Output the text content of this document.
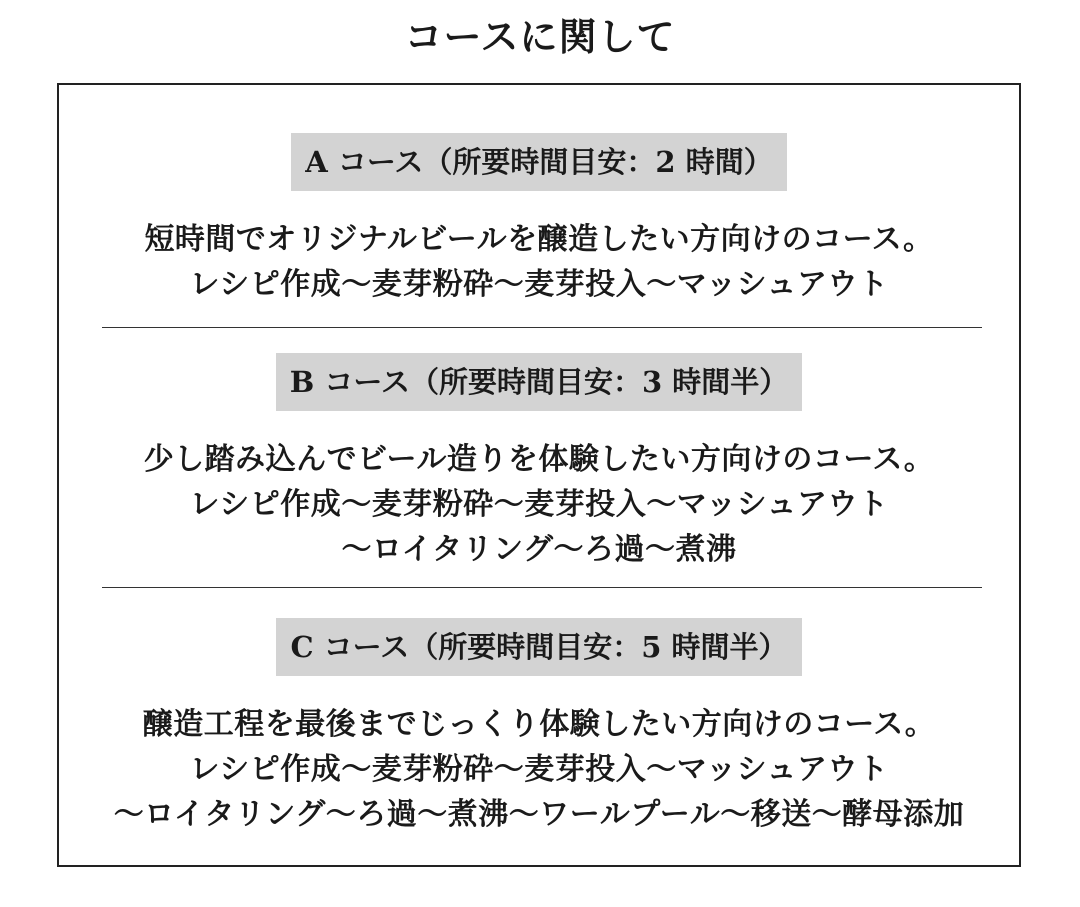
コースに関して
A コース（所要時間目安：2 時間）
短時間でオリジナルビールを醸造したい方向けのコース。
レシピ作成～麦芽粉砕～麦芽投入～マッシュアウト
B コース（所要時間目安：3 時間半）
少し踏み込んでビール造りを体験したい方向けのコース。
レシピ作成～麦芽粉砕～麦芽投入～マッシュアウト
～ロイタリング～ろ過～煮沸
C コース（所要時間目安：5 時間半）
醸造工程を最後までじっくり体験したい方向けのコース。
レシピ作成～麦芽粉砕～麦芽投入～マッシュアウト
～ロイタリング～ろ過～煮沸～ワールプール～移送～酵母添加
